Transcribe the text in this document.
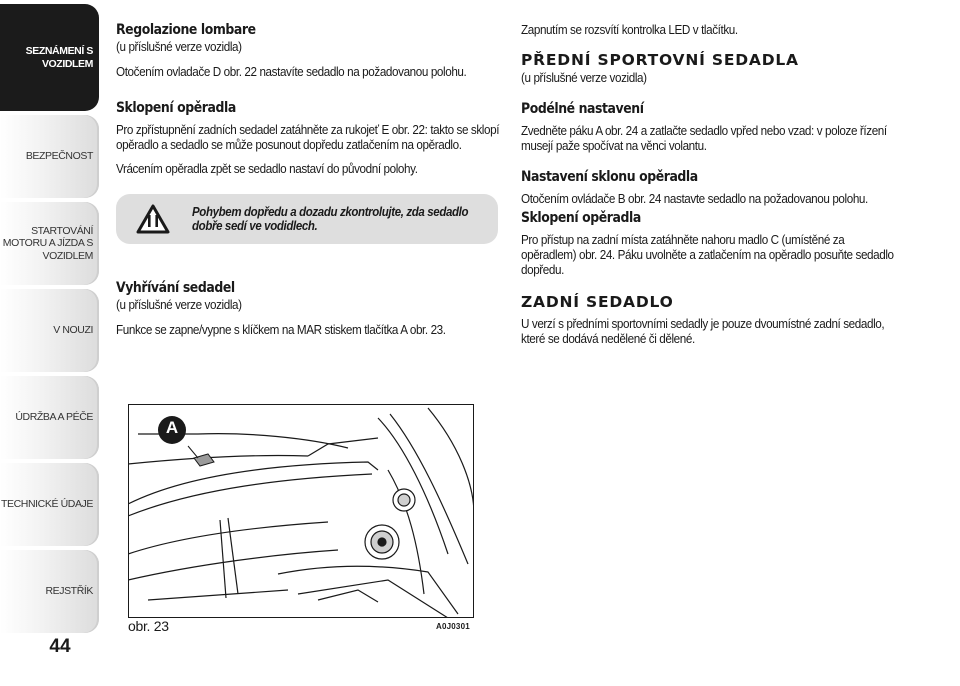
SEZNÁMENÍ S
VOZIDLEM
BEZPEČNOST
STARTOVÁNÍ
MOTORU A JÍZDA S
VOZIDLEM
V NOUZI
ÚDRŽBA A PÉČE
TECHNICKÉ ÚDAJE
REJSTŘÍK
44
Regolazione lombare
(u příslušné verze vozidla)
Otočením ovladače D obr. 22 nastavíte sedadlo na požadovanou polohu.
Sklopení opěradla
Pro zpřístupnění zadních sedadel zatáhněte za rukojeť E obr. 22: takto se sklopí opěradlo a sedadlo se může posunout dopředu zatlačením na opěradlo.
Vrácením opěradla zpět se sedadlo nastaví do původní polohy.
Pohybem dopředu a dozadu zkontrolujte, zda sedadlo dobře sedí ve vodidlech.
Vyhřívání sedadel
(u příslušné verze vozidla)
Funkce se zapne/vypne s klíčkem na MAR stiskem tlačítka A obr. 23.
A
obr. 23	A0J0301
Zapnutím se rozsvítí kontrolka LED v tlačítku.
PŘEDNÍ SPORTOVNÍ SEDADLA
(u příslušné verze vozidla)
Podélné nastavení
Zvedněte páku A obr. 24 a zatlačte sedadlo vpřed nebo vzad: v poloze řízení musejí paže spočívat na věnci volantu.
Nastavení sklonu opěradla
Otočením ovládače B obr. 24 nastavte sedadlo na požadovanou polohu.
Sklopení opěradla
Pro přístup na zadní místa zatáhněte nahoru madlo C (umístěné za opěradlem) obr. 24. Páku uvolněte a zatlačením na opěradlo posuňte sedadlo dopředu.
ZADNÍ SEDADLO
U verzí s předními sportovními sedadly je pouze dvoumístné zadní sedadlo, které se dodává nedělené či dělené.
